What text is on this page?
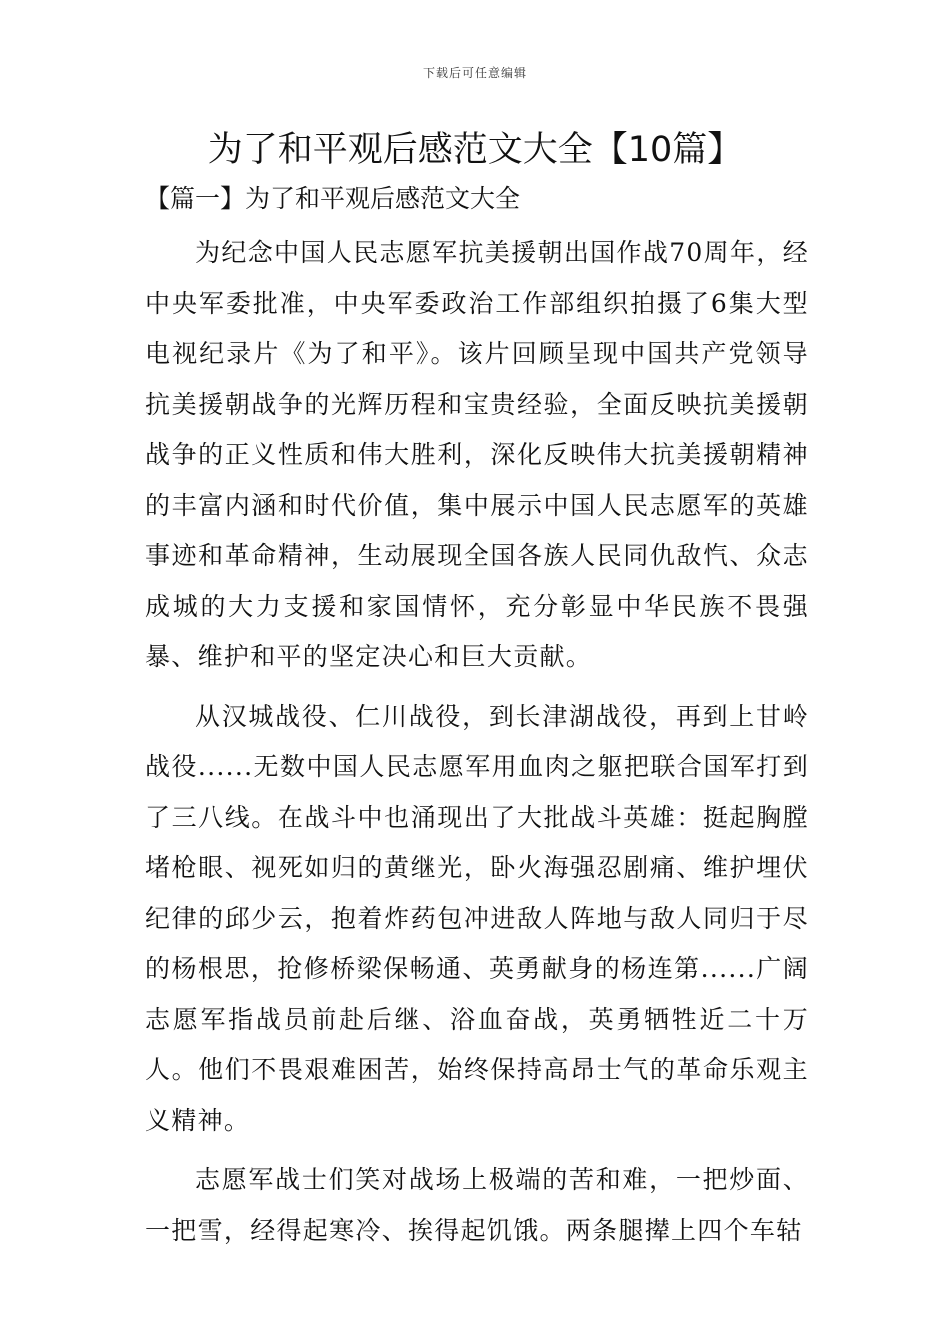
下载后可任意编辑
为了和平观后感范文大全【10篇】
【篇一】为了和平观后感范文大全

为纪念中国人民志愿军抗美援朝出国作战70周年，经中央军委批准，中央军委政治工作部组织拍摄了6集大型电视纪录片《为了和平》。该片回顾呈现中国共产党领导抗美援朝战争的光辉历程和宝贵经验，全面反映抗美援朝战争的正义性质和伟大胜利，深化反映伟大抗美援朝精神的丰富内涵和时代价值，集中展示中国人民志愿军的英雄事迹和革命精神，生动展现全国各族人民同仇敌忾、众志成城的大力支援和家国情怀，充分彰显中华民族不畏强暴、维护和平的坚定决心和巨大贡献。

从汉城战役、仁川战役，到长津湖战役，再到上甘岭战役......无数中国人民志愿军用血肉之躯把联合国军打到了三八线。在战斗中也涌现出了大批战斗英雄：挺起胸膛堵枪眼、视死如归的黄继光，卧火海强忍剧痛、维护埋伏纪律的邱少云，抱着炸药包冲进敌人阵地与敌人同归于尽的杨根思，抢修桥梁保畅通、英勇献身的杨连第......广阔志愿军指战员前赴后继、浴血奋战，英勇牺牲近二十万人。他们不畏艰难困苦，始终保持高昂士气的革命乐观主义精神。

志愿军战士们笑对战场上极端的苦和难，一把炒面、一把雪，经得起寒冷、挨得起饥饿。两条腿撵上四个车轱
